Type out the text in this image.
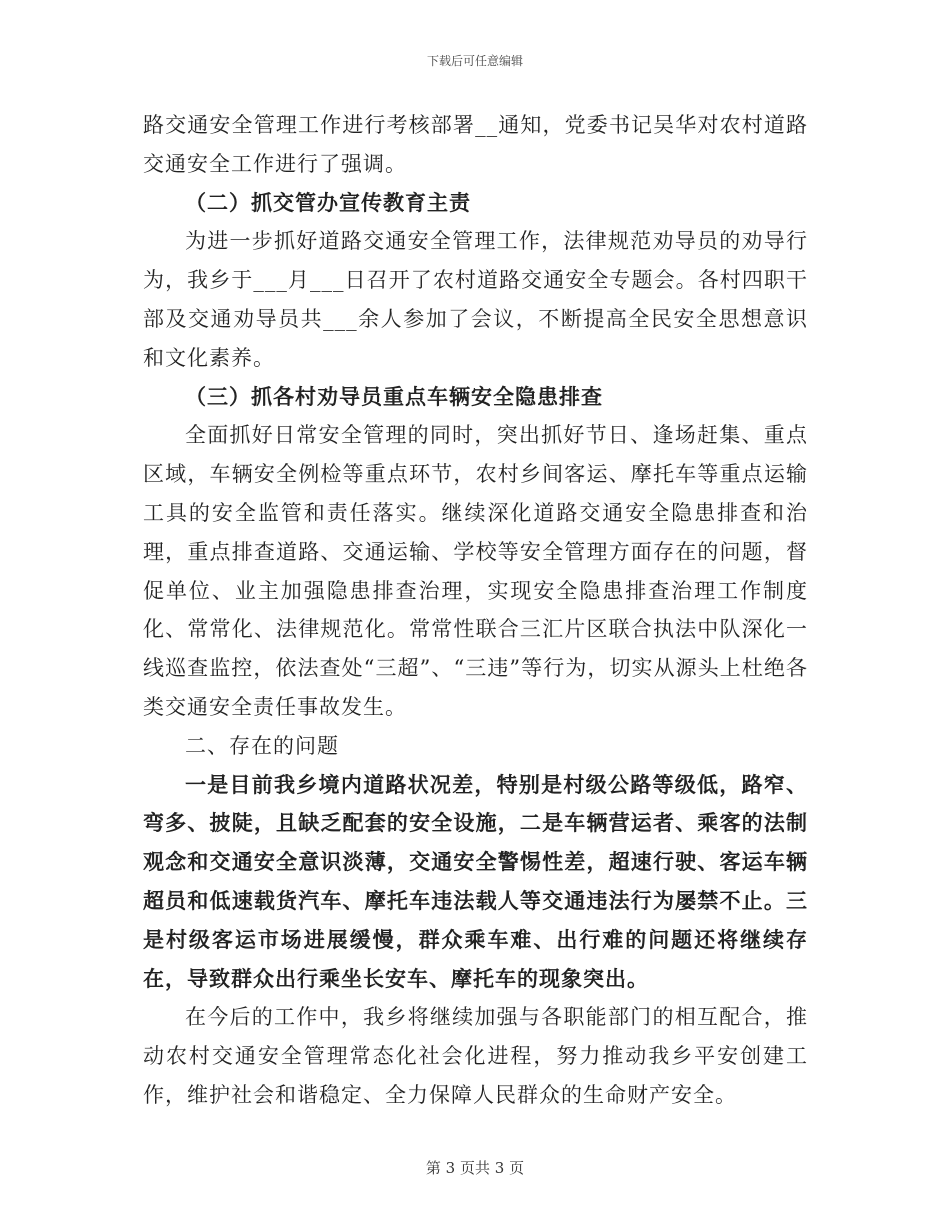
下载后可任意编辑

路交通安全管理工作进行考核部署__通知，党委书记吴华对农村道路交通安全工作进行了强调。

（二）抓交管办宣传教育主责

为进一步抓好道路交通安全管理工作，法律规范劝导员的劝导行为，我乡于___月___日召开了农村道路交通安全专题会。各村四职干部及交通劝导员共___余人参加了会议，不断提高全民安全思想意识和文化素养。

（三）抓各村劝导员重点车辆安全隐患排查

全面抓好日常安全管理的同时，突出抓好节日、逢场赶集、重点区域，车辆安全例检等重点环节，农村乡间客运、摩托车等重点运输工具的安全监管和责任落实。继续深化道路交通安全隐患排查和治理，重点排查道路、交通运输、学校等安全管理方面存在的问题，督促单位、业主加强隐患排查治理，实现安全隐患排查治理工作制度化、常常化、法律规范化。常常性联合三汇片区联合执法中队深化一线巡查监控，依法查处“三超”、“三违”等行为，切实从源头上杜绝各类交通安全责任事故发生。

二、存在的问题

一是目前我乡境内道路状况差，特别是村级公路等级低，路窄、弯多、披陡，且缺乏配套的安全设施，二是车辆营运者、乘客的法制观念和交通安全意识淡薄，交通安全警惕性差，超速行驶、客运车辆超员和低速载货汽车、摩托车违法载人等交通违法行为屡禁不止。三是村级客运市场进展缓慢，群众乘车难、出行难的问题还将继续存在，导致群众出行乘坐长安车、摩托车的现象突出。

在今后的工作中，我乡将继续加强与各职能部门的相互配合，推动农村交通安全管理常态化社会化进程，努力推动我乡平安创建工作，维护社会和谐稳定、全力保障人民群众的生命财产安全。

第 3 页共 3 页
